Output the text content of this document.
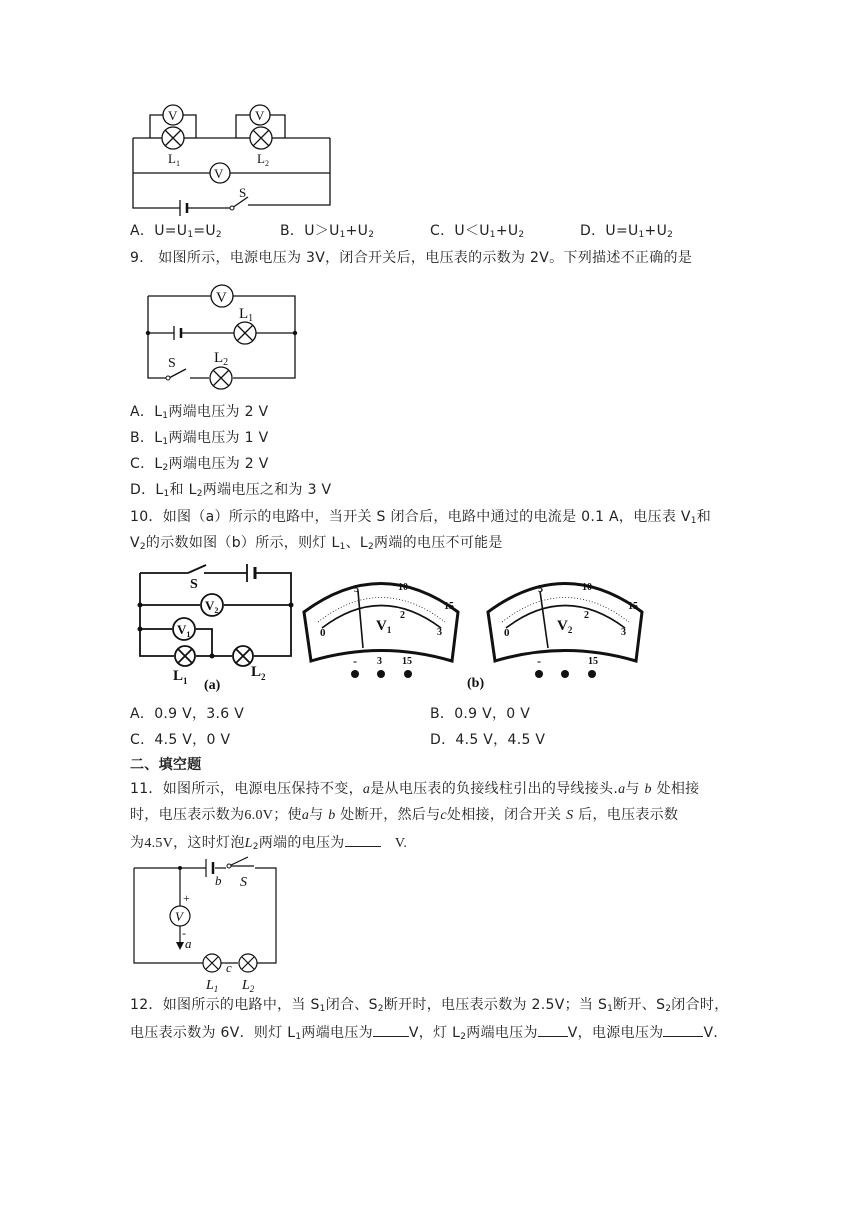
V	V
V
$L_1$	$L_2$
S
A．U=U1=U2	B．U＞U1+U2	C．U＜U1+U2	D．U=U1+U2
9． 如图所示，电源电压为 3V，闭合开关后，电压表的示数为 2V。下列描述不正确的是
V
$L_1$
$L_2$
S
A．L1两端电压为 2 V
B．L1两端电压为 1 V
C．L2两端电压为 2 V
D．L1和 L2两端电压之和为 3 V
10．如图（a）所示的电路中，当开关 S 闭合后，电路中通过的电流是 0.1 A，电压表 V1和
V2的示数如图（b）所示，则灯 L1、L2两端的电压不可能是
S
$V_2$
$V_1$
$L_1$
$L_2$
(a)
0
5	10
15
2
3
$V_1$
- 3 15
0
5	10
15
2
3
$V_2$
-	15
(b)
A．0.9 V，3.6 V	B．0.9 V，0 V
C．4.5 V，0 V	D．4.5 V，4.5 V
二、填空题
11．如图所示，电源电压保持不变，a是从电压表的负接线柱引出的导线接头.a与 b 处相接
时，电压表示数为6.0V；使a与 b 处断开，然后与c处相接，闭合开关 S 后，电压表示数
为4.5V，这时灯泡L2两端的电压为	V.
b S
+
V
-
a
c
$L_1$ $L_2$
12．如图所示的电路中，当 S1闭合、S2断开时，电压表示数为 2.5V；当 S1断开、S2闭合时，
电压表示数为 6V．则灯 L1两端电压为	V，灯 L2两端电压为 V，电源电压为	V．
